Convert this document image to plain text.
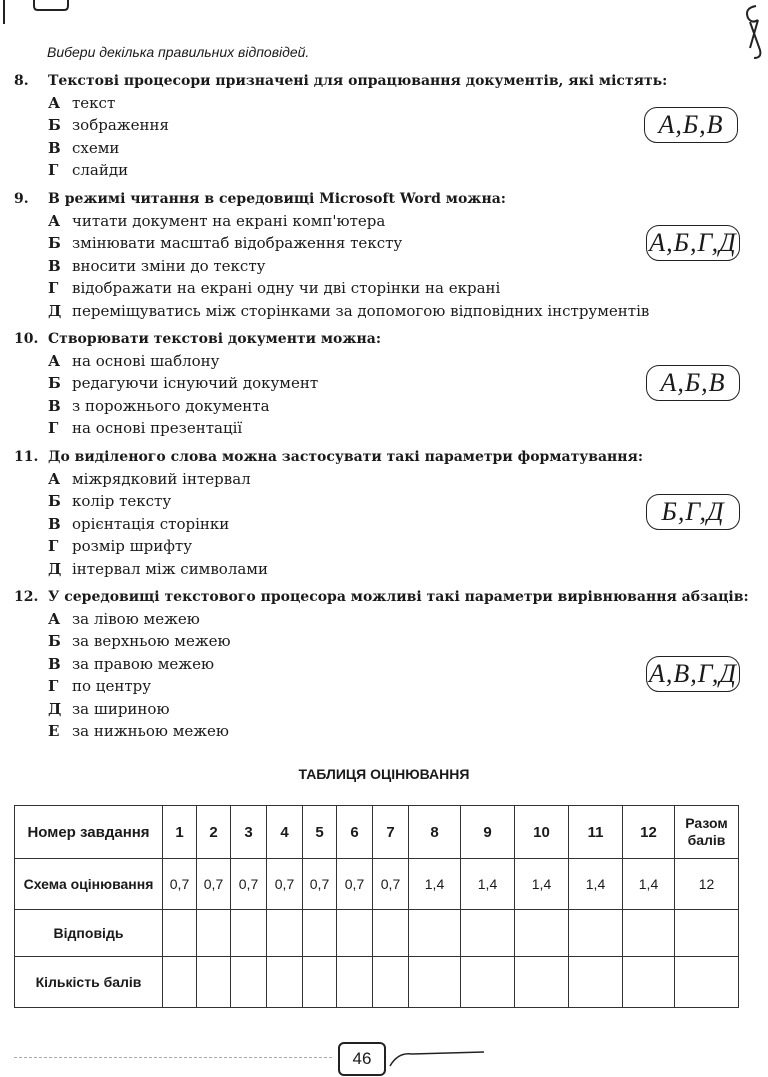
Вибери декілька правильних відповідей.
8. Текстові процесори призначені для опрацювання документів, які містять:
А текст
Б зображення
В схеми
Г слайди
А,Б,В
9. В режимі читання в середовищі Microsoft Word можна:
А читати документ на екрані комп'ютера
Б змінювати масштаб відображення тексту
В вносити зміни до тексту
Г відображати на екрані одну чи дві сторінки на екрані
Д переміщуватись між сторінками за допомогою відповідних інструментів
А,Б,Г,Д
10. Створювати текстові документи можна:
А на основі шаблону
Б редагуючи існуючий документ
В з порожнього документа
Г на основі презентації
А,Б,В
11. До виділеного слова можна застосувати такі параметри форматування:
А міжрядковий інтервал
Б колір тексту
В орієнтація сторінки
Г розмір шрифту
Д інтервал між символами
Б,Г,Д
12. У середовищі текстового процесора можливі такі параметри вирівнювання абзаців:
А за лівою межею
Б за верхньою межею
В за правою межею
Г по центру
Д за шириною
Е за нижньою межею
А,В,Г,Д
ТАБЛИЦЯ ОЦІНЮВАННЯ
Номер завдання	1	2	3	4	5	6	7	8	9	10	11	12	Разом балів
Схема оцінювання	0,7	0,7	0,7	0,7	0,7	0,7	0,7	1,4	1,4	1,4	1,4	1,4	12
Відповідь													
Кількість балів													
46
